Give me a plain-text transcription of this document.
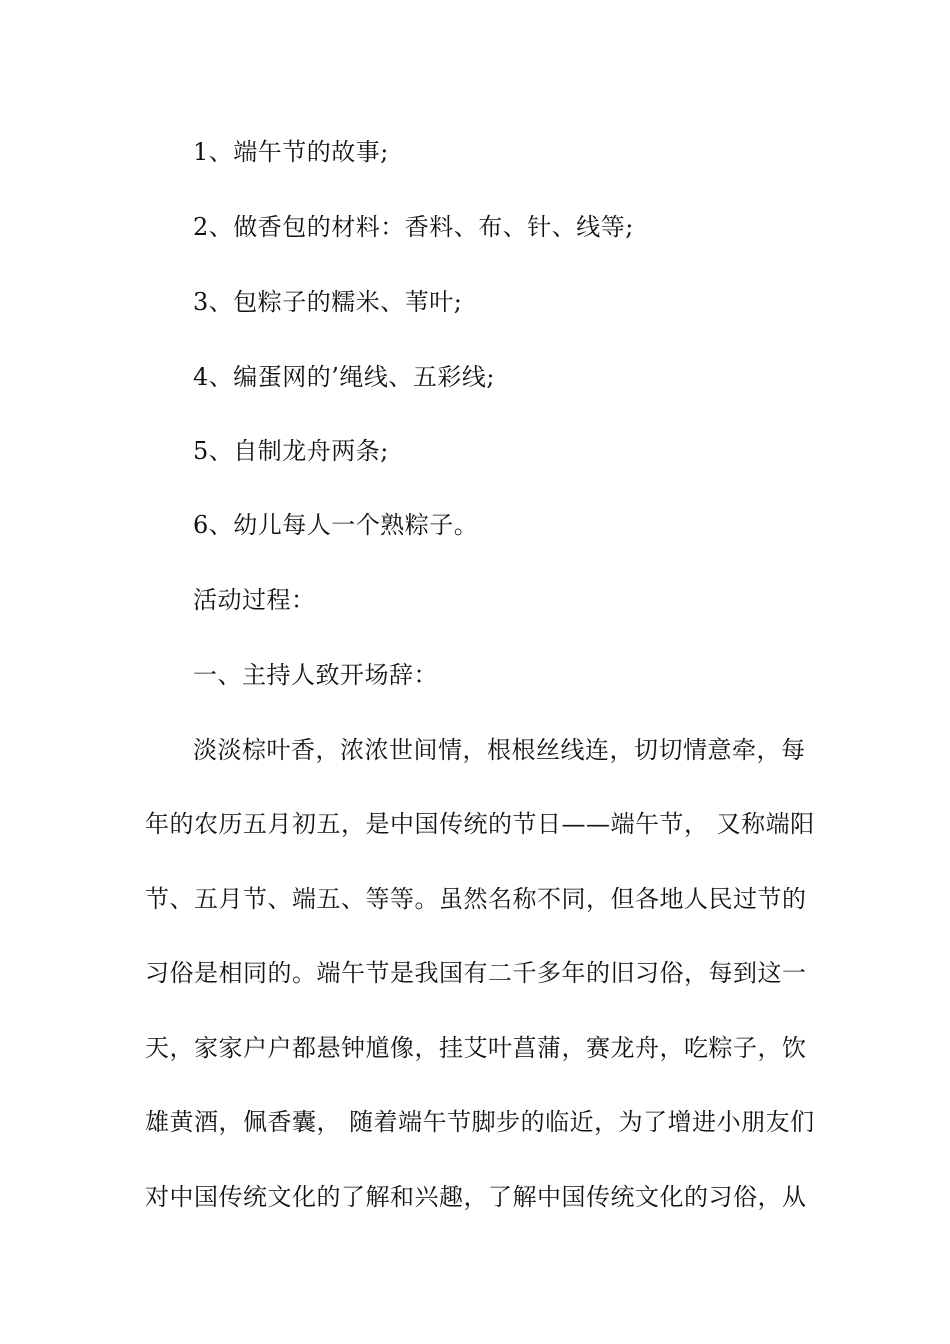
1、端午节的故事;
2、做香包的材料：香料、布、针、线等;
3、包粽子的糯米、苇叶;
4、编蛋网的’绳线、五彩线;
5、自制龙舟两条;
6、幼儿每人一个熟粽子。
活动过程：
一、主持人致开场辞：
淡淡棕叶香，浓浓世间情，根根丝线连，切切情意牵，每
年的农历五月初五，是中国传统的节日——端午节， 又称端阳
节、五月节、端五、等等。虽然名称不同，但各地人民过节的
习俗是相同的。端午节是我国有二千多年的旧习俗，每到这一
天，家家户户都悬钟馗像，挂艾叶菖蒲，赛龙舟，吃粽子，饮
雄黄酒，佩香囊， 随着端午节脚步的临近，为了增进小朋友们
对中国传统文化的了解和兴趣，了解中国传统文化的习俗，从
